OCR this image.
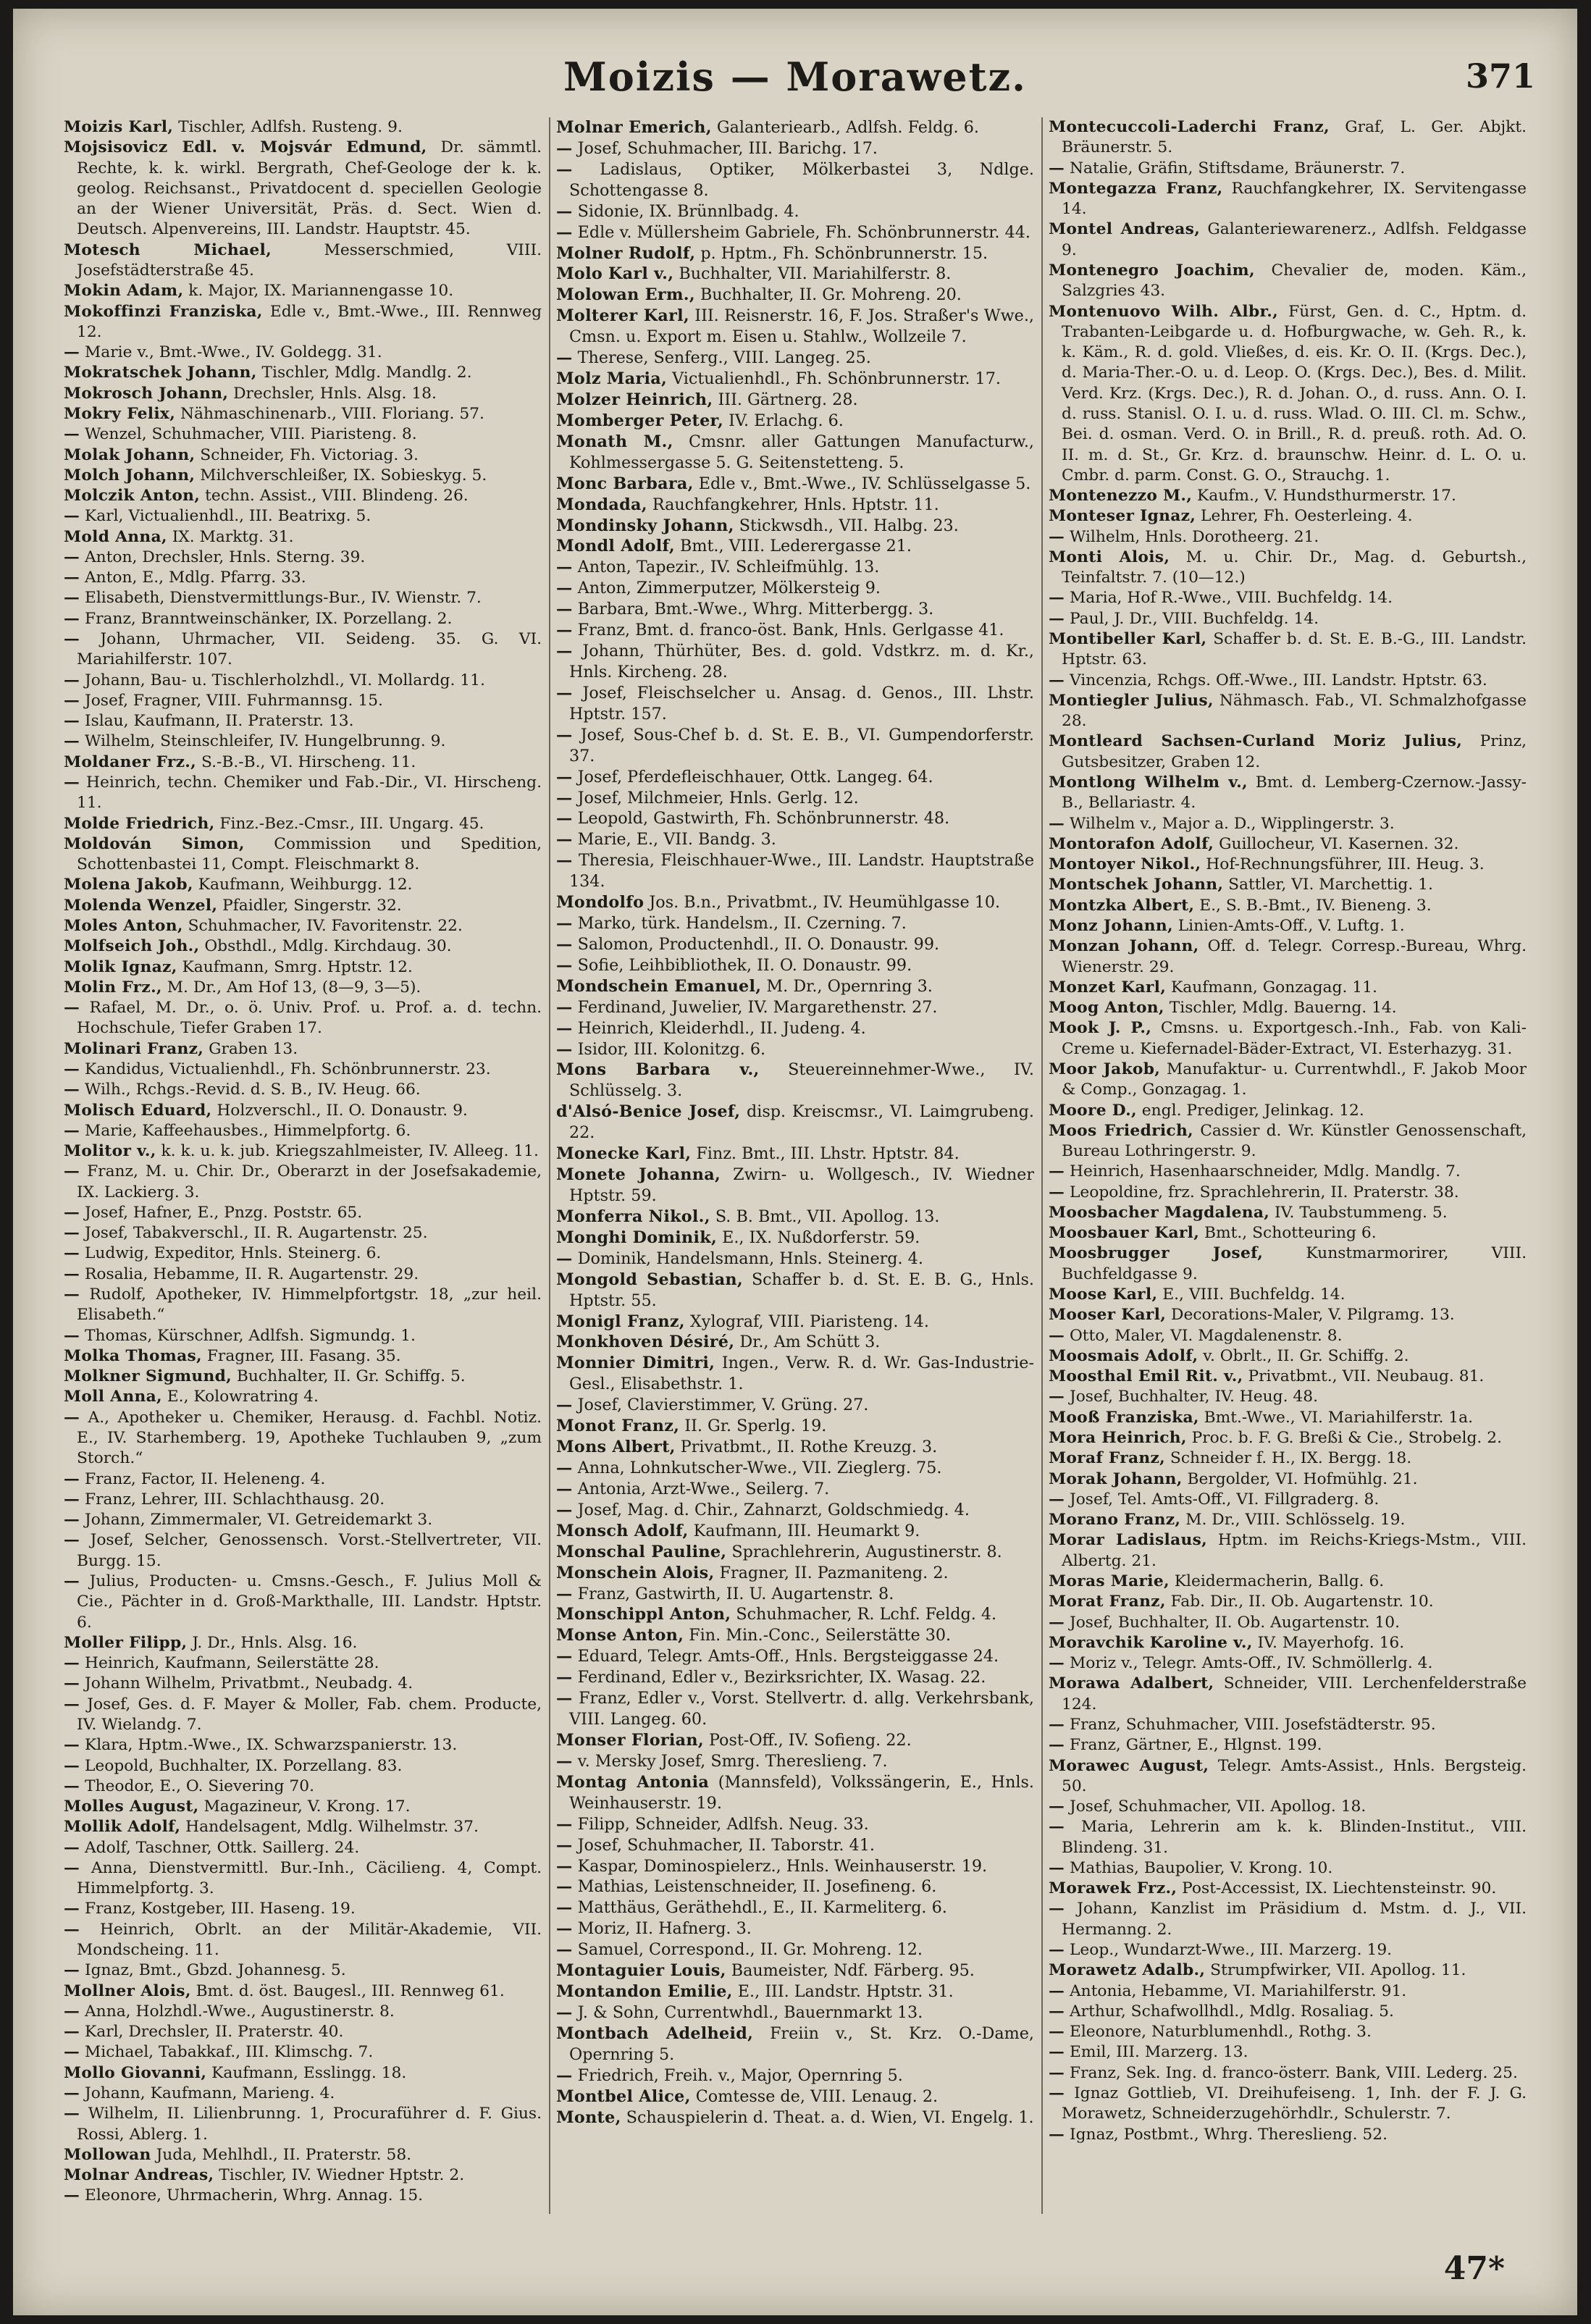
Moizis — Morawetz.	371

Moizis Karl, Tischler, Adlfsh. Rusteng. 9.

Mojsisovicz Edl. v. Mojsvár Edmund, Dr. sämmtl. Rechte, k. k. wirkl. Bergrath, Chef-Geologe der k. k. geolog. Reichsanst., Privatdocent d. speciellen Geologie an der Wiener Universität, Präs. d. Sect. Wien d. Deutsch. Alpenvereins, III. Landstr. Hauptstr. 45.

Motesch Michael, Messerschmied, VIII. Josefstädterstraße 45.

Mokin Adam, k. Major, IX. Mariannengasse 10.

Mokoffinzi Franziska, Edle v., Bmt.-Wwe., III. Rennweg 12.

— Marie v., Bmt.-Wwe., IV. Goldegg. 31.

Mokratschek Johann, Tischler, Mdlg. Mandlg. 2.

Mokrosch Johann, Drechsler, Hnls. Alsg. 18.

Mokry Felix, Nähmaschinenarb., VIII. Floriang. 57.

— Wenzel, Schuhmacher, VIII. Piaristeng. 8.

Molak Johann, Schneider, Fh. Victoriag. 3.

Molch Johann, Milchverschleißer, IX. Sobieskyg. 5.

Molczik Anton, techn. Assist., VIII. Blindeng. 26.

— Karl, Victualienhdl., III. Beatrixg. 5.

Mold Anna, IX. Marktg. 31.

— Anton, Drechsler, Hnls. Sterng. 39.

— Anton, E., Mdlg. Pfarrg. 33.

— Elisabeth, Dienstvermittlungs-Bur., IV. Wienstr. 7.

— Franz, Branntweinschänker, IX. Porzellang. 2.

— Johann, Uhrmacher, VII. Seideng. 35. G. VI. Mariahilferstr. 107.

— Johann, Bau- u. Tischlerholzhdl., VI. Mollardg. 11.

— Josef, Fragner, VIII. Fuhrmannsg. 15.

— Islau, Kaufmann, II. Praterstr. 13.

— Wilhelm, Steinschleifer, IV. Hungelbrunng. 9.

Moldaner Frz., S.-B.-B., VI. Hirscheng. 11.

— Heinrich, techn. Chemiker und Fab.-Dir., VI. Hirscheng. 11.

Molde Friedrich, Finz.-Bez.-Cmsr., III. Ungarg. 45.

Moldován Simon, Commission und Spedition, Schottenbastei 11, Compt. Fleischmarkt 8.

Molena Jakob, Kaufmann, Weihburgg. 12.

Molenda Wenzel, Pfaidler, Singerstr. 32.

Moles Anton, Schuhmacher, IV. Favoritenstr. 22.

Molfseich Joh., Obsthdl., Mdlg. Kirchdaug. 30.

Molik Ignaz, Kaufmann, Smrg. Hptstr. 12.

Molin Frz., M. Dr., Am Hof 13, (8—9, 3—5).

— Rafael, M. Dr., o. ö. Univ. Prof. u. Prof. a. d. techn. Hochschule, Tiefer Graben 17.

Molinari Franz, Graben 13.

— Kandidus, Victualienhdl., Fh. Schönbrunnerstr. 23.

— Wilh., Rchgs.-Revid. d. S. B., IV. Heug. 66.

Molisch Eduard, Holzverschl., II. O. Donaustr. 9.

— Marie, Kaffeehausbes., Himmelpfortg. 6.

Molitor v., k. k. u. k. jub. Kriegszahlmeister, IV. Alleeg. 11.

— Franz, M. u. Chir. Dr., Oberarzt in der Josefsakademie, IX. Lackierg. 3.

— Josef, Hafner, E., Pnzg. Poststr. 65.

— Josef, Tabakverschl., II. R. Augartenstr. 25.

— Ludwig, Expeditor, Hnls. Steinerg. 6.

— Rosalia, Hebamme, II. R. Augartenstr. 29.

— Rudolf, Apotheker, IV. Himmelpfortgstr. 18, „zur heil. Elisabeth.“

— Thomas, Kürschner, Adlfsh. Sigmundg. 1.

Molka Thomas, Fragner, III. Fasang. 35.

Molkner Sigmund, Buchhalter, II. Gr. Schiffg. 5.

Moll Anna, E., Kolowratring 4.

— A., Apotheker u. Chemiker, Herausg. d. Fachbl. Notiz. E., IV. Starhemberg. 19, Apotheke Tuchlauben 9, „zum Storch.“

— Franz, Factor, II. Heleneng. 4.

— Franz, Lehrer, III. Schlachthausg. 20.

— Johann, Zimmermaler, VI. Getreidemarkt 3.

— Josef, Selcher, Genossensch. Vorst.-Stellvertreter, VII. Burgg. 15.

— Julius, Producten- u. Cmsns.-Gesch., F. Julius Moll & Cie., Pächter in d. Groß-Markthalle, III. Landstr. Hptstr. 6.

Moller Filipp, J. Dr., Hnls. Alsg. 16.

— Heinrich, Kaufmann, Seilerstätte 28.

— Johann Wilhelm, Privatbmt., Neubadg. 4.

— Josef, Ges. d. F. Mayer & Moller, Fab. chem. Producte, IV. Wielandg. 7.

— Klara, Hptm.-Wwe., IX. Schwarzspanierstr. 13.

— Leopold, Buchhalter, IX. Porzellang. 83.

— Theodor, E., O. Sievering 70.

Molles August, Magazineur, V. Krong. 17.

Mollik Adolf, Handelsagent, Mdlg. Wilhelmstr. 37.

— Adolf, Taschner, Ottk. Saillerg. 24.

— Anna, Dienstvermittl. Bur.-Inh., Cäcilieng. 4, Compt. Himmelpfortg. 3.

— Franz, Kostgeber, III. Haseng. 19.

— Heinrich, Obrlt. an der Militär-Akademie, VII. Mondscheing. 11.

— Ignaz, Bmt., Gbzd. Johannesg. 5.

Mollner Alois, Bmt. d. öst. Baugesl., III. Rennweg 61.

— Anna, Holzhdl.-Wwe., Augustinerstr. 8.

— Karl, Drechsler, II. Praterstr. 40.

— Michael, Tabakkaf., III. Klimschg. 7.

Mollo Giovanni, Kaufmann, Esslingg. 18.

— Johann, Kaufmann, Marieng. 4.

— Wilhelm, II. Lilienbrunng. 1, Procuraführer d. F. Gius. Rossi, Ablerg. 1.

Mollowan Juda, Mehlhdl., II. Praterstr. 58.

Molnar Andreas, Tischler, IV. Wiedner Hptstr. 2.

— Eleonore, Uhrmacherin, Whrg. Annag. 15.

Molnar Emerich, Galanteriearb., Adlfsh. Feldg. 6.

— Josef, Schuhmacher, III. Barichg. 17.

— Ladislaus, Optiker, Mölkerbastei 3, Ndlge. Schottengasse 8.

— Sidonie, IX. Brünnlbadg. 4.

— Edle v. Müllersheim Gabriele, Fh. Schönbrunnerstr. 44.

Molner Rudolf, p. Hptm., Fh. Schönbrunnerstr. 15.

Molo Karl v., Buchhalter, VII. Mariahilferstr. 8.

Molowan Erm., Buchhalter, II. Gr. Mohreng. 20.

Molterer Karl, III. Reisnerstr. 16, F. Jos. Straßer's Wwe., Cmsn. u. Export m. Eisen u. Stahlw., Wollzeile 7.

— Therese, Senferg., VIII. Langeg. 25.

Molz Maria, Victualienhdl., Fh. Schönbrunnerstr. 17.

Molzer Heinrich, III. Gärtnerg. 28.

Momberger Peter, IV. Erlachg. 6.

Monath M., Cmsnr. aller Gattungen Manufacturw., Kohlmessergasse 5. G. Seitenstetteng. 5.

Monc Barbara, Edle v., Bmt.-Wwe., IV. Schlüsselgasse 5.

Mondada, Rauchfangkehrer, Hnls. Hptstr. 11.

Mondinsky Johann, Stickwsdh., VII. Halbg. 23.

Mondl Adolf, Bmt., VIII. Lederergasse 21.

— Anton, Tapezir., IV. Schleifmühlg. 13.

— Anton, Zimmerputzer, Mölkersteig 9.

— Barbara, Bmt.-Wwe., Whrg. Mitterbergg. 3.

— Franz, Bmt. d. franco-öst. Bank, Hnls. Gerlgasse 41.

— Johann, Thürhüter, Bes. d. gold. Vdstkrz. m. d. Kr., Hnls. Kircheng. 28.

— Josef, Fleischselcher u. Ansag. d. Genos., III. Lhstr. Hptstr. 157.

— Josef, Sous-Chef b. d. St. E. B., VI. Gumpendorferstr. 37.

— Josef, Pferdefleischhauer, Ottk. Langeg. 64.

— Josef, Milchmeier, Hnls. Gerlg. 12.

— Leopold, Gastwirth, Fh. Schönbrunnerstr. 48.

— Marie, E., VII. Bandg. 3.

— Theresia, Fleischhauer-Wwe., III. Landstr. Hauptstraße 134.

Mondolfo Jos. B.n., Privatbmt., IV. Heumühlgasse 10.

— Marko, türk. Handelsm., II. Czerning. 7.

— Salomon, Productenhdl., II. O. Donaustr. 99.

— Sofie, Leihbibliothek, II. O. Donaustr. 99.

Mondschein Emanuel, M. Dr., Opernring 3.

— Ferdinand, Juwelier, IV. Margarethenstr. 27.

— Heinrich, Kleiderhdl., II. Judeng. 4.

— Isidor, III. Kolonitzg. 6.

Mons Barbara v., Steuereinnehmer-Wwe., IV. Schlüsselg. 3.

d'Alsó-Benice Josef, disp. Kreiscmsr., VI. Laimgrubeng. 22.

Monecke Karl, Finz. Bmt., III. Lhstr. Hptstr. 84.

Monete Johanna, Zwirn- u. Wollgesch., IV. Wiedner Hptstr. 59.

Monferra Nikol., S. B. Bmt., VII. Apollog. 13.

Monghi Dominik, E., IX. Nußdorferstr. 59.

— Dominik, Handelsmann, Hnls. Steinerg. 4.

Mongold Sebastian, Schaffer b. d. St. E. B. G., Hnls. Hptstr. 55.

Monigl Franz, Xylograf, VIII. Piaristeng. 14.

Monkhoven Désiré, Dr., Am Schütt 3.

Monnier Dimitri, Ingen., Verw. R. d. Wr. Gas-Industrie-Gesl., Elisabethstr. 1.

— Josef, Clavierstimmer, V. Grüng. 27.

Monot Franz, II. Gr. Sperlg. 19.

Mons Albert, Privatbmt., II. Rothe Kreuzg. 3.

— Anna, Lohnkutscher-Wwe., VII. Zieglerg. 75.

— Antonia, Arzt-Wwe., Seilerg. 7.

— Josef, Mag. d. Chir., Zahnarzt, Goldschmiedg. 4.

Monsch Adolf, Kaufmann, III. Heumarkt 9.

Monschal Pauline, Sprachlehrerin, Augustinerstr. 8.

Monschein Alois, Fragner, II. Pazmaniteng. 2.

— Franz, Gastwirth, II. U. Augartenstr. 8.

Monschippl Anton, Schuhmacher, R. Lchf. Feldg. 4.

Monse Anton, Fin. Min.-Conc., Seilerstätte 30.

— Eduard, Telegr. Amts-Off., Hnls. Bergsteiggasse 24.

— Ferdinand, Edler v., Bezirksrichter, IX. Wasag. 22.

— Franz, Edler v., Vorst. Stellvertr. d. allg. Verkehrsbank, VIII. Langeg. 60.

Monser Florian, Post-Off., IV. Sofieng. 22.

— v. Mersky Josef, Smrg. Thereslieng. 7.

Montag Antonia (Mannsfeld), Volkssängerin, E., Hnls. Weinhauserstr. 19.

— Filipp, Schneider, Adlfsh. Neug. 33.

— Josef, Schuhmacher, II. Taborstr. 41.

— Kaspar, Dominospielerz., Hnls. Weinhauserstr. 19.

— Mathias, Leistenschneider, II. Josefineng. 6.

— Matthäus, Geräthehdl., E., II. Karmeliterg. 6.

— Moriz, II. Hafnerg. 3.

— Samuel, Correspond., II. Gr. Mohreng. 12.

Montaguier Louis, Baumeister, Ndf. Färberg. 95.

Montandon Emilie, E., III. Landstr. Hptstr. 31.

— J. & Sohn, Currentwhdl., Bauernmarkt 13.

Montbach Adelheid, Freiin v., St. Krz. O.-Dame, Opernring 5.

— Friedrich, Freih. v., Major, Opernring 5.

Montbel Alice, Comtesse de, VIII. Lenaug. 2.

Monte, Schauspielerin d. Theat. a. d. Wien, VI. Engelg. 1.

Montecuccoli-Laderchi Franz, Graf, L. Ger. Abjkt. Bräunerstr. 5.

— Natalie, Gräfin, Stiftsdame, Bräunerstr. 7.

Montegazza Franz, Rauchfangkehrer, IX. Servitengasse 14.

Montel Andreas, Galanteriewarenerz., Adlfsh. Feldgasse 9.

Montenegro Joachim, Chevalier de, moden. Käm., Salzgries 43.

Montenuovo Wilh. Albr., Fürst, Gen. d. C., Hptm. d. Trabanten-Leibgarde u. d. Hofburgwache, w. Geh. R., k. k. Käm., R. d. gold. Vließes, d. eis. Kr. O. II. (Krgs. Dec.), d. Maria-Ther.-O. u. d. Leop. O. (Krgs. Dec.), Bes. d. Milit. Verd. Krz. (Krgs. Dec.), R. d. Johan. O., d. russ. Ann. O. I. d. russ. Stanisl. O. I. u. d. russ. Wlad. O. III. Cl. m. Schw., Bei. d. osman. Verd. O. in Brill., R. d. preuß. roth. Ad. O. II. m. d. St., Gr. Krz. d. braunschw. Heinr. d. L. O. u. Cmbr. d. parm. Const. G. O., Strauchg. 1.

Montenezzo M., Kaufm., V. Hundsthurmerstr. 17.

Monteser Ignaz, Lehrer, Fh. Oesterleing. 4.

— Wilhelm, Hnls. Dorotheerg. 21.

Monti Alois, M. u. Chir. Dr., Mag. d. Geburtsh., Teinfaltstr. 7. (10—12.)

— Maria, Hof R.-Wwe., VIII. Buchfeldg. 14.

— Paul, J. Dr., VIII. Buchfeldg. 14.

Montibeller Karl, Schaffer b. d. St. E. B.-G., III. Landstr. Hptstr. 63.

— Vincenzia, Rchgs. Off.-Wwe., III. Landstr. Hptstr. 63.

Montiegler Julius, Nähmasch. Fab., VI. Schmalzhofgasse 28.

Montleard Sachsen-Curland Moriz Julius, Prinz, Gutsbesitzer, Graben 12.

Montlong Wilhelm v., Bmt. d. Lemberg-Czernow.-Jassy-B., Bellariastr. 4.

— Wilhelm v., Major a. D., Wipplingerstr. 3.

Montorafon Adolf, Guillocheur, VI. Kasernen. 32.

Montoyer Nikol., Hof-Rechnungsführer, III. Heug. 3.

Montschek Johann, Sattler, VI. Marchettig. 1.

Montzka Albert, E., S. B.-Bmt., IV. Bieneng. 3.

Monz Johann, Linien-Amts-Off., V. Luftg. 1.

Monzan Johann, Off. d. Telegr. Corresp.-Bureau, Whrg. Wienerstr. 29.

Monzet Karl, Kaufmann, Gonzagag. 11.

Moog Anton, Tischler, Mdlg. Bauerng. 14.

Mook J. P., Cmsns. u. Exportgesch.-Inh., Fab. von Kali-Creme u. Kiefernadel-Bäder-Extract, VI. Esterhazyg. 31.

Moor Jakob, Manufaktur- u. Currentwhdl., F. Jakob Moor & Comp., Gonzagag. 1.

Moore D., engl. Prediger, Jelinkag. 12.

Moos Friedrich, Cassier d. Wr. Künstler Genossenschaft, Bureau Lothringerstr. 9.

— Heinrich, Hasenhaarschneider, Mdlg. Mandlg. 7.

— Leopoldine, frz. Sprachlehrerin, II. Praterstr. 38.

Moosbacher Magdalena, IV. Taubstummeng. 5.

Moosbauer Karl, Bmt., Schotteuring 6.

Moosbrugger Josef, Kunstmarmorirer, VIII. Buchfeldgasse 9.

Moose Karl, E., VIII. Buchfeldg. 14.

Mooser Karl, Decorations-Maler, V. Pilgramg. 13.

— Otto, Maler, VI. Magdalenenstr. 8.

Moosmais Adolf, v. Obrlt., II. Gr. Schiffg. 2.

Moosthal Emil Rit. v., Privatbmt., VII. Neubaug. 81.

— Josef, Buchhalter, IV. Heug. 48.

Mooß Franziska, Bmt.-Wwe., VI. Mariahilferstr. 1a.

Mora Heinrich, Proc. b. F. G. Breßi & Cie., Strobelg. 2.

Moraf Franz, Schneider f. H., IX. Bergg. 18.

Morak Johann, Bergolder, VI. Hofmühlg. 21.

— Josef, Tel. Amts-Off., VI. Fillgraderg. 8.

Morano Franz, M. Dr., VIII. Schlösselg. 19.

Morar Ladislaus, Hptm. im Reichs-Kriegs-Mstm., VIII. Albertg. 21.

Moras Marie, Kleidermacherin, Ballg. 6.

Morat Franz, Fab. Dir., II. Ob. Augartenstr. 10.

— Josef, Buchhalter, II. Ob. Augartenstr. 10.

Moravchik Karoline v., IV. Mayerhofg. 16.

— Moriz v., Telegr. Amts-Off., IV. Schmöllerlg. 4.

Morawa Adalbert, Schneider, VIII. Lerchenfelderstraße 124.

— Franz, Schuhmacher, VIII. Josefstädterstr. 95.

— Franz, Gärtner, E., Hlgnst. 199.

Morawec August, Telegr. Amts-Assist., Hnls. Bergsteig. 50.

— Josef, Schuhmacher, VII. Apollog. 18.

— Maria, Lehrerin am k. k. Blinden-Institut., VIII. Blindeng. 31.

— Mathias, Baupolier, V. Krong. 10.

Morawek Frz., Post-Accessist, IX. Liechtensteinstr. 90.

— Johann, Kanzlist im Präsidium d. Mstm. d. J., VII. Hermanng. 2.

— Leop., Wundarzt-Wwe., III. Marzerg. 19.

Morawetz Adalb., Strumpfwirker, VII. Apollog. 11.

— Antonia, Hebamme, VI. Mariahilferstr. 91.

— Arthur, Schafwollhdl., Mdlg. Rosaliag. 5.

— Eleonore, Naturblumenhdl., Rothg. 3.

— Emil, III. Marzerg. 13.

— Franz, Sek. Ing. d. franco-österr. Bank, VIII. Lederg. 25.

— Ignaz Gottlieb, VI. Dreihufeiseng. 1, Inh. der F. J. G. Morawetz, Schneiderzugehörhdlr., Schulerstr. 7.

— Ignaz, Postbmt., Whrg. Thereslieng. 52.

47*
